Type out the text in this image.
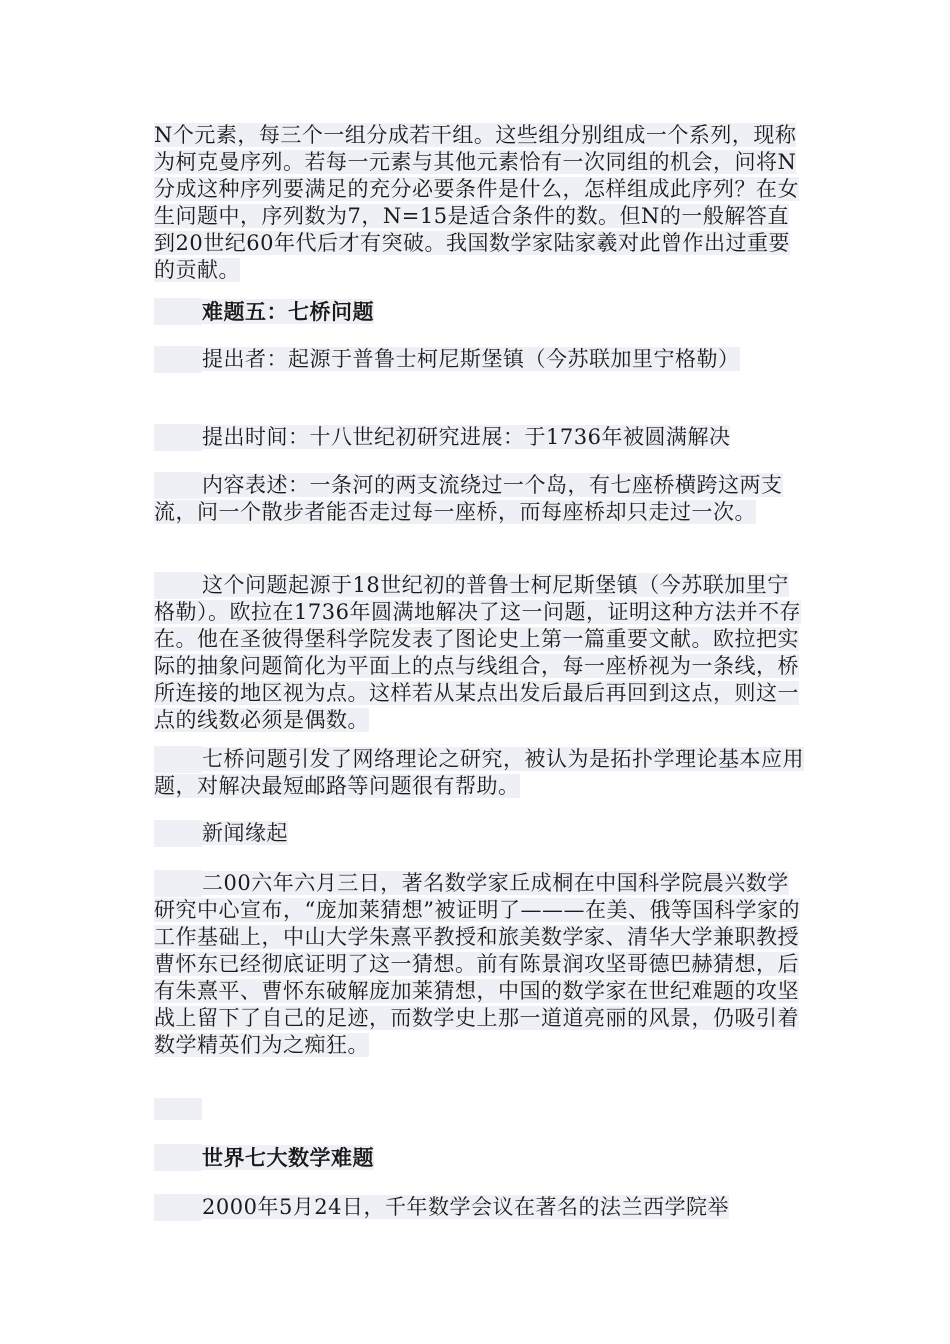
N个元素，每三个一组分成若干组。这些组分别组成一个系列，现称为柯克曼序列。若每一元素与其他元素恰有一次同组的机会，问将N分成这种序列要满足的充分必要条件是什么，怎样组成此序列？在女生问题中，序列数为7，N=15是适合条件的数。但N的一般解答直到20世纪60年代后才有突破。我国数学家陆家羲对此曾作出过重要的贡献。
难题五：七桥问题
提出者：起源于普鲁士柯尼斯堡镇（今苏联加里宁格勒）
提出时间：十八世纪初研究进展：于1736年被圆满解决
内容表述：一条河的两支流绕过一个岛，有七座桥横跨这两支流，问一个散步者能否走过每一座桥，而每座桥却只走过一次。
这个问题起源于18世纪初的普鲁士柯尼斯堡镇（今苏联加里宁格勒）。欧拉在1736年圆满地解决了这一问题，证明这种方法并不存在。他在圣彼得堡科学院发表了图论史上第一篇重要文献。欧拉把实际的抽象问题简化为平面上的点与线组合，每一座桥视为一条线，桥所连接的地区视为点。这样若从某点出发后最后再回到这点，则这一点的线数必须是偶数。
七桥问题引发了网络理论之研究，被认为是拓扑学理论基本应用题，对解决最短邮路等问题很有帮助。
新闻缘起
二00六年六月三日，著名数学家丘成桐在中国科学院晨兴数学研究中心宣布，“庞加莱猜想”被证明了———在美、俄等国科学家的工作基础上，中山大学朱熹平教授和旅美数学家、清华大学兼职教授曹怀东已经彻底证明了这一猜想。前有陈景润攻坚哥德巴赫猜想，后有朱熹平、曹怀东破解庞加莱猜想，中国的数学家在世纪难题的攻坚战上留下了自己的足迹，而数学史上那一道道亮丽的风景，仍吸引着数学精英们为之痴狂。
世界七大数学难题
2000年5月24日，千年数学会议在著名的法兰西学院举
